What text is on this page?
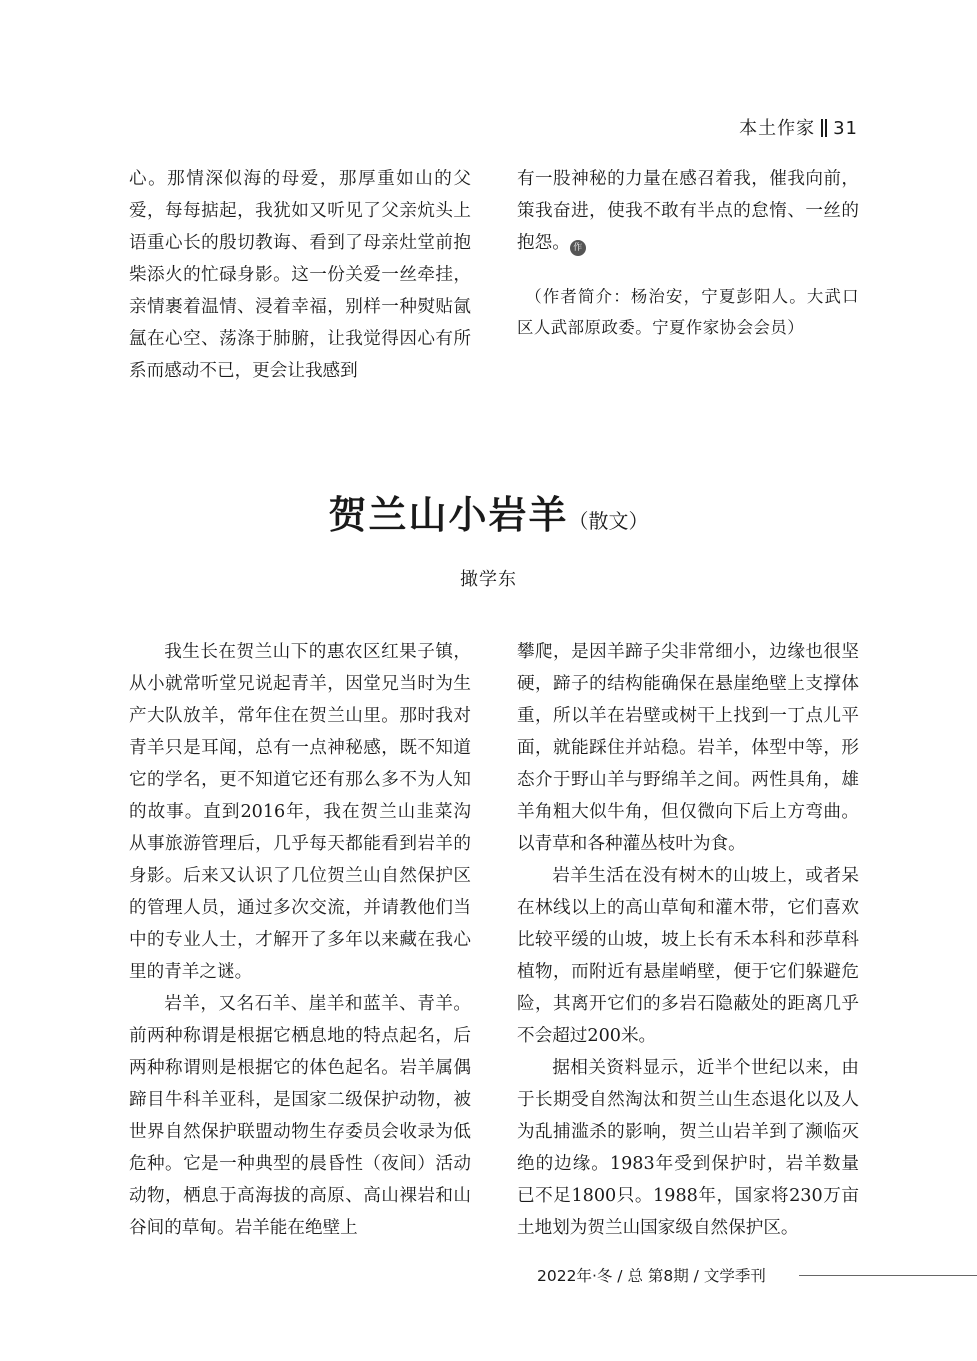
本土作家 31

心。那情深似海的母爱，那厚重如山的父爱，每每掂起，我犹如又听见了父亲炕头上语重心长的殷切教诲、看到了母亲灶堂前抱柴添火的忙碌身影。这一份关爱一丝牵挂，亲情裹着温情、浸着幸福，别样一种熨贴氤氲在心空、荡涤于肺腑，让我觉得因心有所系而感动不已，更会让我感到

有一股神秘的力量在感召着我，催我向前，策我奋进，使我不敢有半点的怠惰、一丝的抱怨。 作

（作者简介：杨治安，宁夏彭阳人。大武口区人武部原政委。宁夏作家协会会员）

贺兰山小岩羊（散文）
撖学东

我生长在贺兰山下的惠农区红果子镇，从小就常听堂兄说起青羊，因堂兄当时为生产大队放羊，常年住在贺兰山里。那时我对青羊只是耳闻，总有一点神秘感，既不知道它的学名，更不知道它还有那么多不为人知的故事。直到2016年，我在贺兰山韭菜沟从事旅游管理后，几乎每天都能看到岩羊的身影。后来又认识了几位贺兰山自然保护区的管理人员，通过多次交流，并请教他们当中的专业人士，才解开了多年以来藏在我心里的青羊之谜。

岩羊，又名石羊、崖羊和蓝羊、青羊。前两种称谓是根据它栖息地的特点起名，后两种称谓则是根据它的体色起名。岩羊属偶蹄目牛科羊亚科，是国家二级保护动物，被世界自然保护联盟动物生存委员会收录为低危种。它是一种典型的晨昏性（夜间）活动动物，栖息于高海拔的高原、高山裸岩和山谷间的草甸。岩羊能在绝壁上

攀爬，是因羊蹄子尖非常细小，边缘也很坚硬，蹄子的结构能确保在悬崖绝壁上支撑体重，所以羊在岩壁或树干上找到一丁点儿平面，就能踩住并站稳。岩羊，体型中等，形态介于野山羊与野绵羊之间。两性具角，雄羊角粗大似牛角，但仅微向下后上方弯曲。以青草和各种灌丛枝叶为食。

岩羊生活在没有树木的山坡上，或者呆在林线以上的高山草甸和灌木带，它们喜欢比较平缓的山坡，坡上长有禾本科和莎草科植物，而附近有悬崖峭壁，便于它们躲避危险，其离开它们的多岩石隐蔽处的距离几乎不会超过200米。

据相关资料显示，近半个世纪以来，由于长期受自然淘汰和贺兰山生态退化以及人为乱捕滥杀的影响，贺兰山岩羊到了濒临灭绝的边缘。1983年受到保护时，岩羊数量已不足1800只。1988年，国家将230万亩土地划为贺兰山国家级自然保护区。

2022年·冬 / 总 第8期 / 文学季刊
